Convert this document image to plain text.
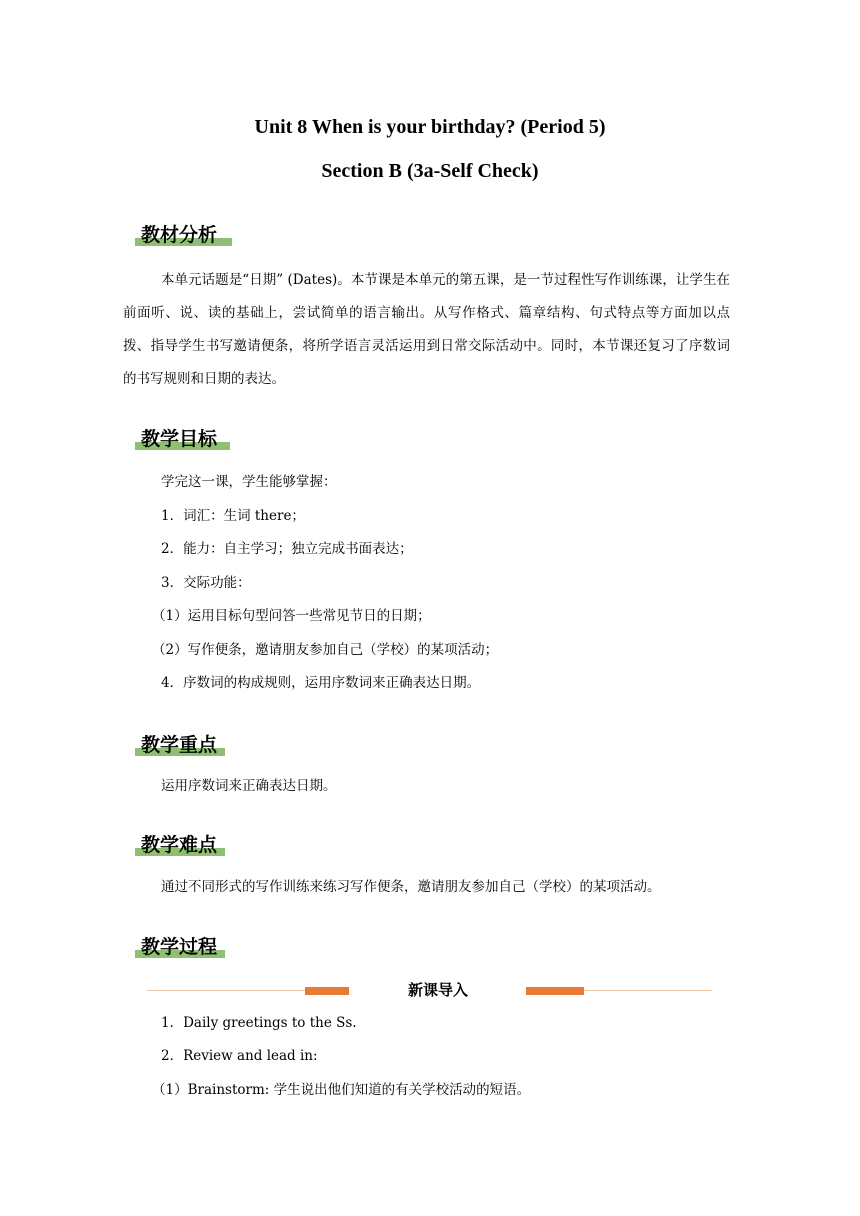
Unit 8 When is your birthday? (Period 5)
Section B (3a-Self Check)
教材分析
本单元话题是“日期” (Dates)。本节课是本单元的第五课，是一节过程性写作训练课，让学生在前面听、说、读的基础上，尝试简单的语言输出。从写作格式、篇章结构、句式特点等方面加以点拨、指导学生书写邀请便条，将所学语言灵活运用到日常交际活动中。同时，本节课还复习了序数词的书写规则和日期的表达。
教学目标
学完这一课，学生能够掌握：
1．词汇：生词 there；
2．能力：自主学习；独立完成书面表达；
3．交际功能：
（1）运用目标句型问答一些常见节日的日期；
（2）写作便条，邀请朋友参加自己（学校）的某项活动；
4．序数词的构成规则，运用序数词来正确表达日期。
教学重点
运用序数词来正确表达日期。
教学难点
通过不同形式的写作训练来练习写作便条，邀请朋友参加自己（学校）的某项活动。
教学过程
新课导入
1．Daily greetings to the Ss.
2．Review and lead in:
（1）Brainstorm: 学生说出他们知道的有关学校活动的短语。
